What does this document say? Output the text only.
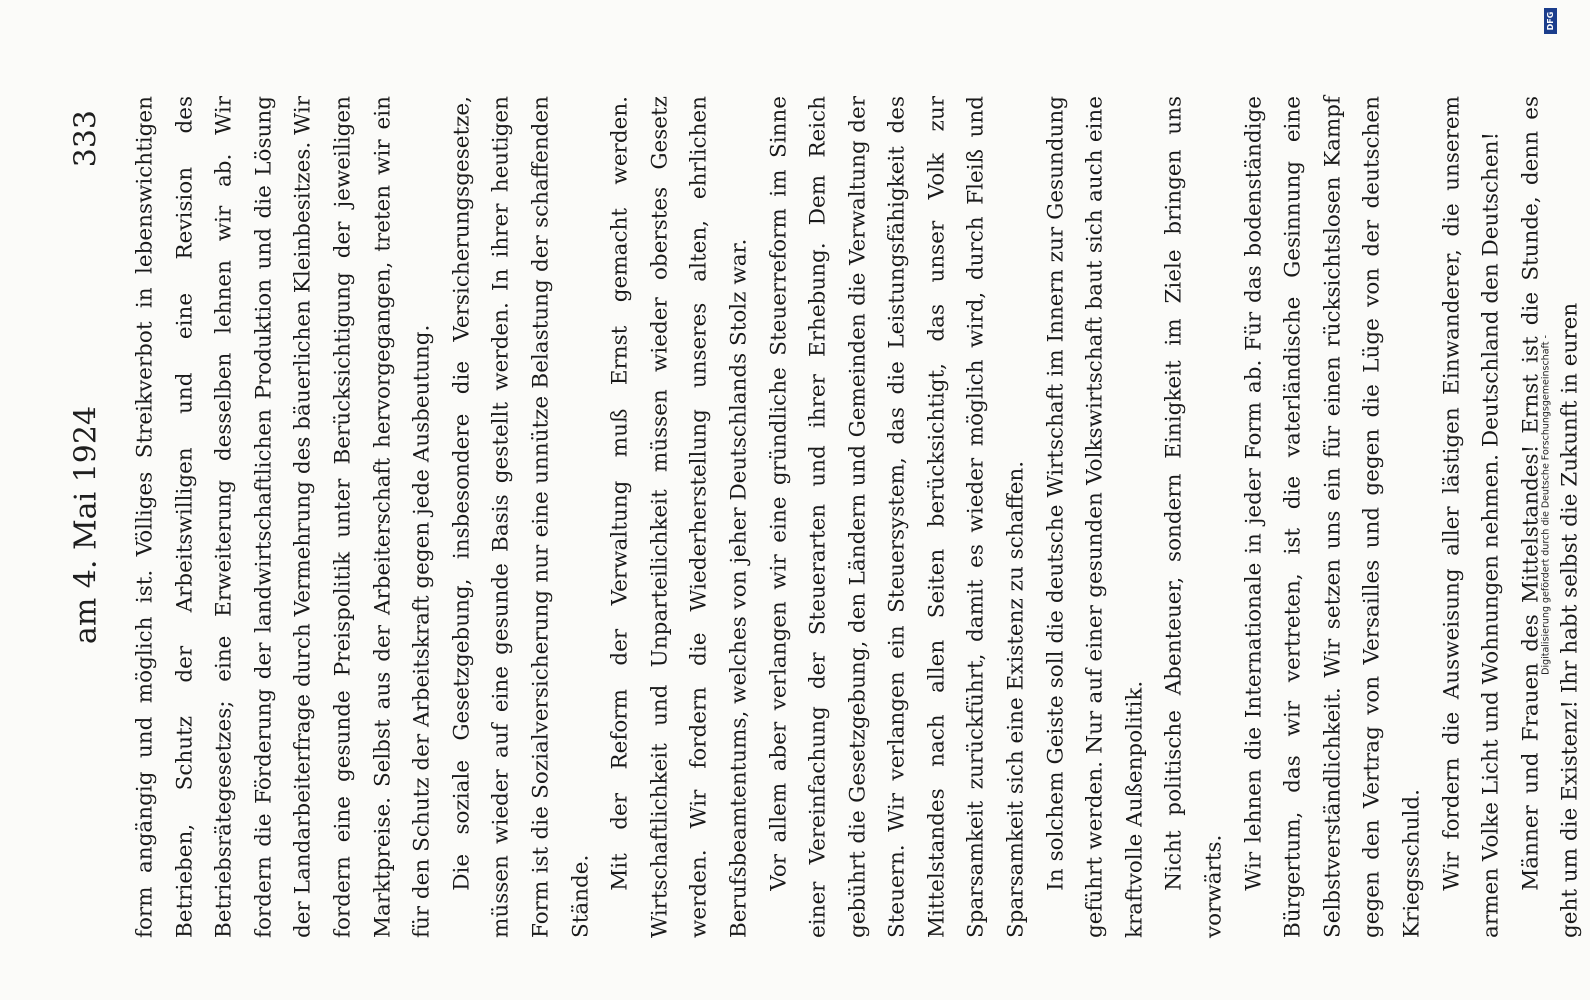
am 4. Mai 1924
333	form angängig und möglich ist. Völliges Streikverbot in lebenswichtigen Betrieben, Schutz der Arbeitswilligen und eine Revision des Betriebsrätegesetzes; eine Erweiterung desselben lehnen wir ab. Wir fordern die Förderung der landwirtschaftlichen Produktion und die Lösung der Landarbeiterfrage durch Vermehrung des bäuerlichen Kleinbesitzes. Wir fordern eine gesunde Preispolitik unter Berücksichtigung der jeweiligen Marktpreise. Selbst aus der Arbeiterschaft hervorgegangen, treten wir ein für den Schutz der Arbeitskraft gegen jede Ausbeutung. Die soziale Gesetzgebung, insbesondere die Versicherungsgesetze, müssen wieder auf eine gesunde Basis gestellt werden. In ihrer heutigen Form ist die Sozialversicherung nur eine unnütze Belastung der schaffenden Stände.

Mit der Reform der Verwaltung muß Ernst gemacht werden. Wirtschaftlichkeit und Unparteilichkeit müssen wieder oberstes Gesetz werden. Wir fordern die Wiederherstellung unseres alten, ehrlichen Berufsbeamtentums, welches von jeher Deutschlands Stolz war. Vor allem aber verlangen wir eine gründliche Steuerreform im Sinne einer Vereinfachung der Steuerarten und ihrer Erhebung. Dem Reich gebührt die Gesetzgebung, den Ländern und Gemeinden die Verwaltung der Steuern. Wir verlangen ein Steuersystem, das die Leistungsfähigkeit des Mittelstandes nach allen Seiten berücksichtigt, das unser Volk zur Sparsamkeit zurückführt, damit es wieder möglich wird, durch Fleiß und Sparsamkeit sich eine Existenz zu schaffen. In solchem Geiste soll die deutsche Wirtschaft im Innern zur Gesundung geführt werden. Nur auf einer gesunden Volkswirtschaft baut sich auch eine kraftvolle Außenpolitik. Nicht politische Abenteuer, sondern Einigkeit im Ziele bringen uns vorwärts. Wir lehnen die Internationale in jeder Form ab. Für das bodenständige Bürgertum, das wir vertreten, ist die vaterländische Gesinnung eine Selbstverständlichkeit. Wir setzen uns ein für einen rücksichtslosen Kampf gegen den Vertrag von Versailles und gegen die Lüge von der deutschen Kriegsschuld. Wir fordern die Ausweisung aller lästigen Einwanderer, die unserem armen Volke Licht und Wohnungen nehmen. Deutschland den Deutschen! Männer und Frauen des Mittelstandes! Ernst ist die Stunde, denn es geht um die Existenz! Ihr habt selbst die Zukunft in euren

Digitalisierung gefördert durch die Deutsche Forschungsgemeinschaft -
DFG
